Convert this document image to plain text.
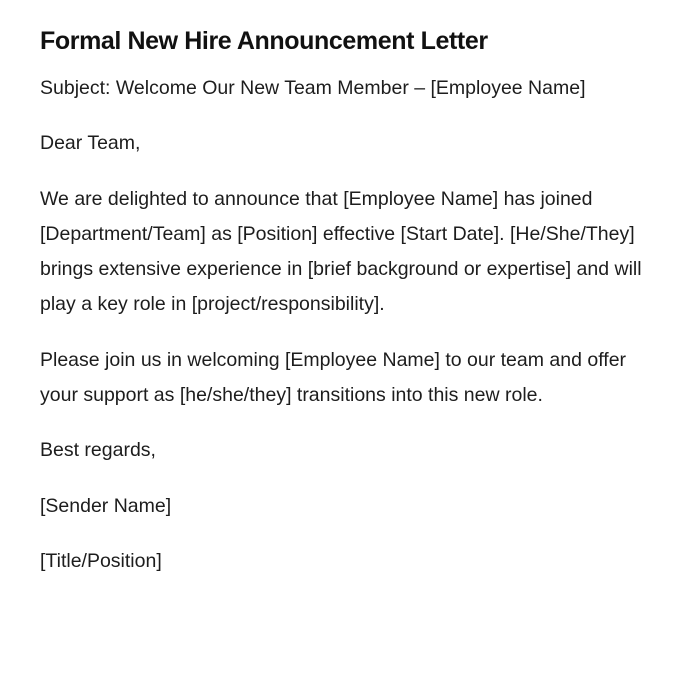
Formal New Hire Announcement Letter

Subject: Welcome Our New Team Member – [Employee Name]

Dear Team,

We are delighted to announce that [Employee Name] has joined [Department/Team] as [Position] effective [Start Date]. [He/She/They] brings extensive experience in [brief background or expertise] and will play a key role in [project/responsibility].

Please join us in welcoming [Employee Name] to our team and offer your support as [he/she/they] transitions into this new role.

Best regards,

[Sender Name]

[Title/Position]
